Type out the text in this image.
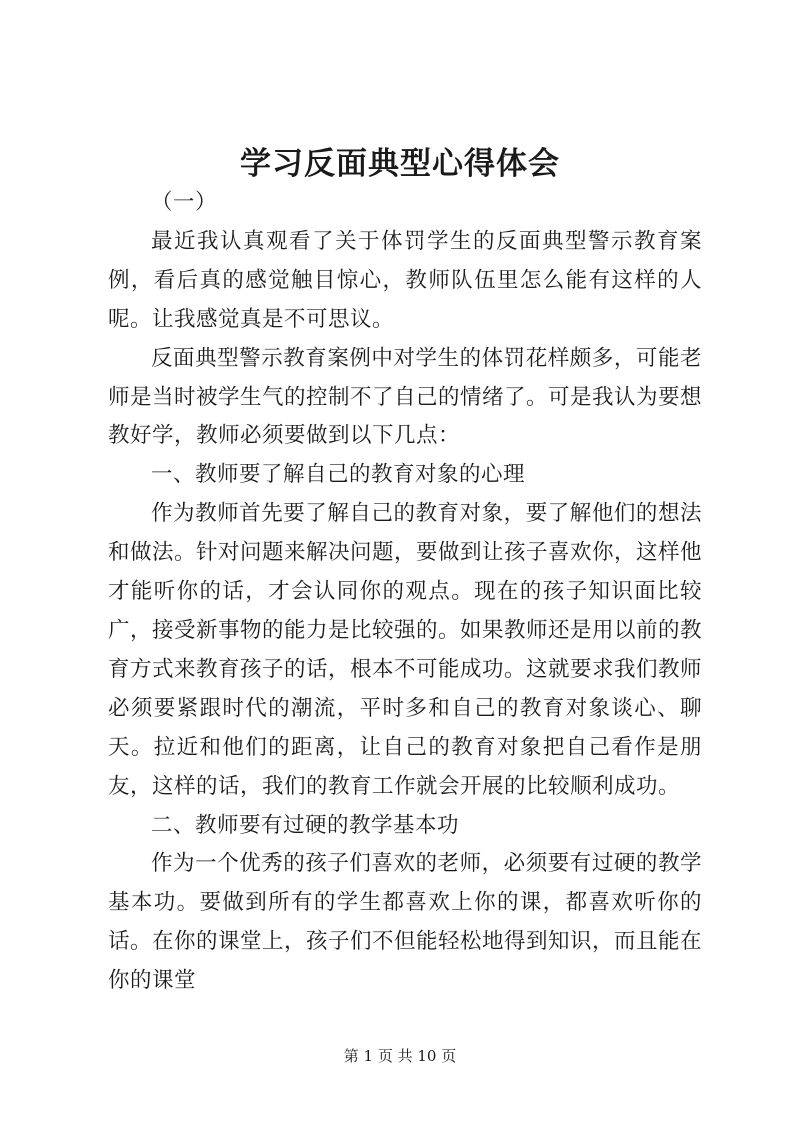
学习反面典型心得体会

（一）

最近我认真观看了关于体罚学生的反面典型警示教育案例，看后真的感觉触目惊心，教师队伍里怎么能有这样的人呢。让我感觉真是不可思议。

反面典型警示教育案例中对学生的体罚花样颇多，可能老师是当时被学生气的控制不了自己的情绪了。可是我认为要想教好学，教师必须要做到以下几点：

一、教师要了解自己的教育对象的心理

作为教师首先要了解自己的教育对象，要了解他们的想法和做法。针对问题来解决问题，要做到让孩子喜欢你，这样他才能听你的话，才会认同你的观点。现在的孩子知识面比较广，接受新事物的能力是比较强的。如果教师还是用以前的教育方式来教育孩子的话，根本不可能成功。这就要求我们教师必须要紧跟时代的潮流，平时多和自己的教育对象谈心、聊天。拉近和他们的距离，让自己的教育对象把自己看作是朋友，这样的话，我们的教育工作就会开展的比较顺利成功。

二、教师要有过硬的教学基本功

作为一个优秀的孩子们喜欢的老师，必须要有过硬的教学基本功。要做到所有的学生都喜欢上你的课，都喜欢听你的话。在你的课堂上，孩子们不但能轻松地得到知识，而且能在你的课堂

第 1 页 共 10 页
